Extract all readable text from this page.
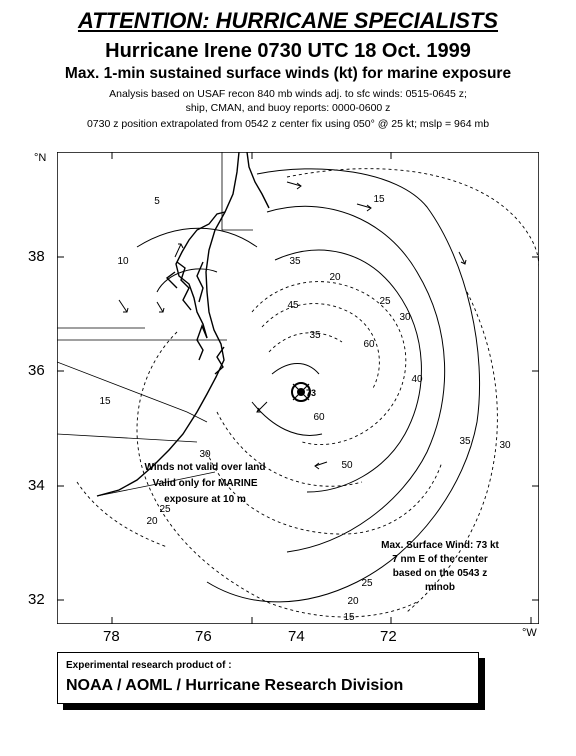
ATTENTION: HURRICANE SPECIALISTS
Hurricane Irene 0730 UTC 18 Oct. 1999
Max. 1-min sustained surface winds (kt) for marine exposure
Analysis based on USAF recon 840 mb winds adj. to sfc winds: 0515-0645 z;
ship, CMAN, and buoy reports: 0000-0600 z
0730 z position extrapolated from 0542 z center fix using 050° @ 25 kt; mslp = 964 mb
5
10
15
15
15
20
20
20
25
25
25
30
30
30
35
35
35
40
45
50
60
60
73
Winds not valid over land
Valid only for MARINE
exposure at 10 m
Max. Surface Wind: 73 kt
7 nm E of the center
based on the 0543 z
minob
78	76	74	°W
°N
38
36
34
32
Experimental research product of :
NOAA / AOML / Hurricane Research Division
72
